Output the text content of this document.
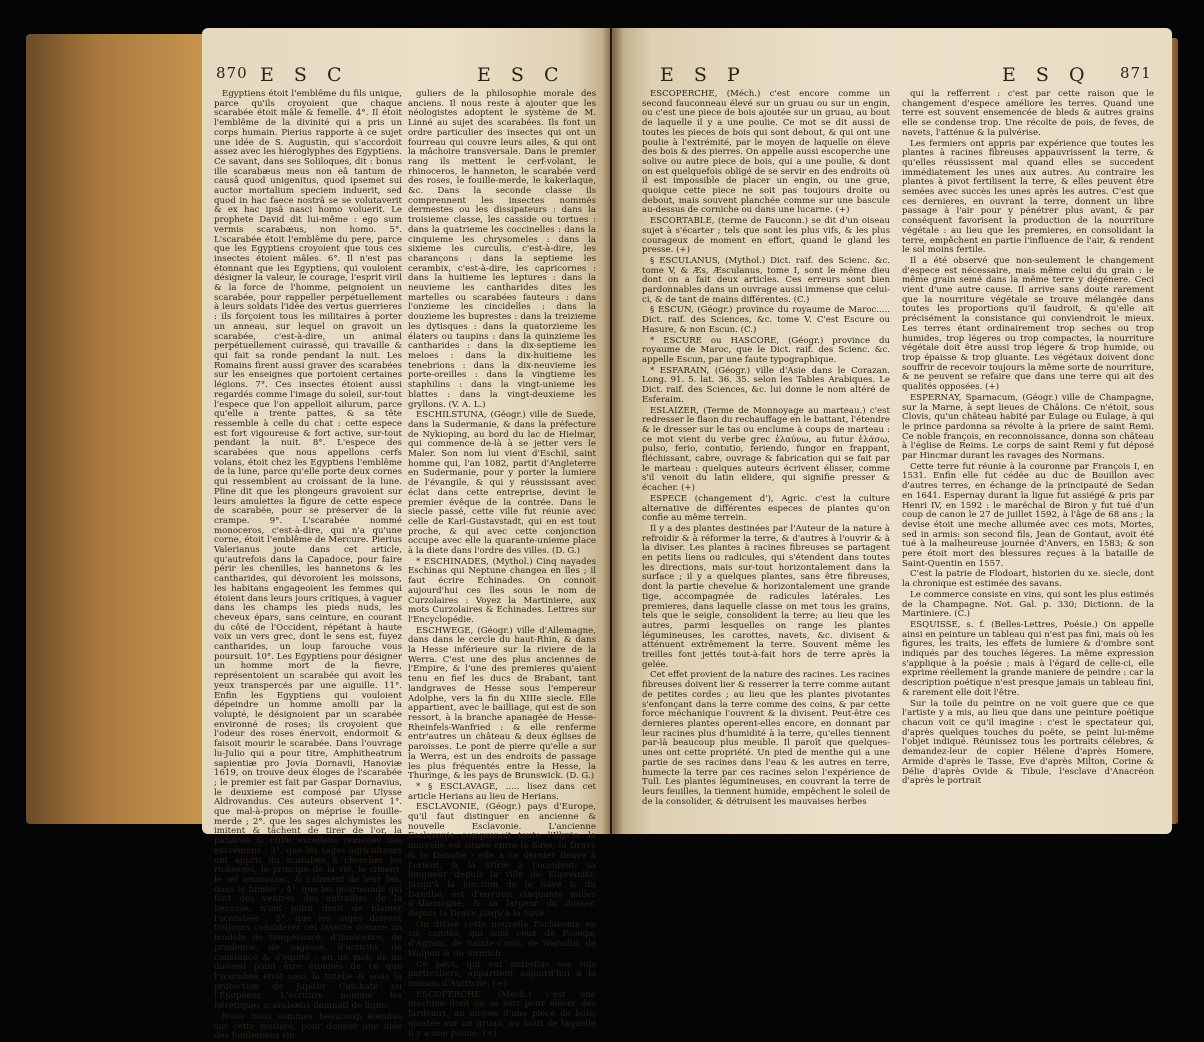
870 E S C	E S C

Egyptiens étoit l'emblême du fils unique, parce qu'ils croyoient que chaque scarabée étoit mâle & femelle. 4°. Il étoit l'emblême de la divinité qui a pris un corps humain. Pierius rapporte à ce sujet une idée de S. Augustin, qui s'accordoit assez avec les hiéroglyphes des Egyptiens. Ce savant, dans ses Soliloques, dit : bonus ille scarabæus meus non eâ tantum de causâ quod unigenitus, quod ipsemet sui auctor mortalium speciem induerit, sed quod in hac faece nostrâ se se volutaverit & ex hac ipsâ nasci homo voluerit. Le prophete David dit lui-même : ego sum vermis scarabæus, non homo. 5°. L'scarabée étoit l'emblême du pere, parce que les Egyptiens croyoient que tous ces insectes étoient mâles. 6°. Il n'est pas étonnant que les Egyptiens, qui vouloient désigner la valeur, le courage, l'esprit viril & la force de l'homme, peignoient un scarabée, pour rappeller perpétuellement à leurs soldats l'idée des vertus guerrieres : ils forçoient tous les militaires à porter un anneau, sur lequel on gravoit un scarabée, c'est-à-dire, un animal perpétuellement cuirassé, qui travaille & qui fait sa ronde pendant la nuit. Les Romains firent aussi graver des scarabées sur les enseignes que portoient certaines légions. 7°. Ces insectes étoient aussi regardés comme l'image du soleil, sur-tout l'espece que l'on appelloit ailurum, parce qu'elle a trente pattes, & sa tête ressemble à celle du chat : cette espece est fort vigoureuse & fort active, sur-tout pendant la nuit. 8°. L'espece des scarabées que nous appellons cerfs volans, étoit chez les Egyptiens l'emblême de la lune, parce qu'elle porte deux cornes qui ressemblent au croissant de la lune. Pline dit que les plongeurs gravoient sur leurs amulettes la figure de cette espece de scarabée, pour se préserver de la crampe. 9°. L'scarabée nommé monoceros, c'est-à-dire, qui n'a qu'une corne, étoit l'emblême de Mercure. Pierius Valerianus joute dans cet article, qu'autrefois dans la Capadoce, pour faire périr les chenilles, les hannetons & les cantharides, qui dévoroient les moissons, les habitans engageoient les femmes qui étoient dans leurs jours critiques, à vaguer dans les champs les pieds nuds, les cheveux épars, sans ceinture, en courant du côté de l'Occident, répétant à haute voix un vers grec, dont le sens est, fuyez cantharides, un loup farouche vous poursuit. 10°. Les Egyptiens pour désigner un homme mort de la fievre, représentoient un scarabée qui avoit les yeux transpercés par une aiguille. 11°. Enfin les Egyptiens qui vouloient dépeindre un homme amolli par la volupté, le désignoient par un scarabée environné de roses; ils croyoient que l'odeur des roses énervoit, endormoit & faisoit mourir le scarabée. Dans l'ouvrage lu-Julio qui a pour titre, Amphitheatrum sapientiæ pro Jovia Dornavii, Hanoviæ 1619, on trouve deux éloges de l'scarabée ; le premier est fait par Gaspar Dornavius, le deuxieme est composé par Ulysse Aldrovandus. Ces auteurs observent 1°. que mal-à-propos on méprise le fouille-merde ; 2°. que les sages alchymistes les imitent & tâchent de tirer de l'or, la panacée & mille excellens remedes des excrémens ; 3°. que les sages agriculteurs ont appris du scarabée à chercher les richesses, le principe de la vie, le ciment, le sel ammoniac, & l'aliment de leur fen, dans le fumier ; 4°. que les gourmands qui font des ventres des entrailles de la bécasse, n'ont point droit de blamer l'scarabée ; 5°. que les sages doivent toujours considérer cet insecte comme un modele de tempérance, d'innocence, de prudence, de sagesse, d'activité, de constance & d'équité : en un mot, ils ne doivent point être étonnés de ce que l'scarabée étoit sous la tutelle & sous la protection de Jupiter Catchate ou l'Epopéeur. L'écriture nomme les hérétiques scarabæus damnati de ligno.

Nous nous sommes beaucoup étendus sur cette matiere, pour donner une idée des fondemens sin-

guliers de la philosophie morale des anciens. Il nous reste à ajouter que les néologistes adoptent le système de M. Linné au sujet des scarabées. Ils font un ordre particulier des insectes qui ont un fourreau qui couvre leurs ailes, & qui ont la mâchoire transversale. Dans le premier rang ils mettent le cerf-volant, le rhinoceros, le hanneton, le scarabée verd des roses, le fouille-merde, le kakerlaque, &c. Dans la seconde classe ils comprennent les insectes nommés dermestes ou les dissipateurs : dans la troisieme classe, les casside ou tortues : dans la quatrieme les coccinelles : dans la cinquieme les chrysomeles : dans la sixieme les curculis, c'est-à-dire, les charançons : dans la septieme les cerambix, c'est-à-dire, les capricornes : dans la huitieme les leptures : dans la neuvieme les cantharides dites les martelles ou scarabées fauteurs : dans l'onzieme les cincidelles : dans la douzieme les buprestes : dans la treizieme les dytisques : dans la quatorzieme les élaters ou taupins : dans la quinzieme les cantharides : dans la dix-septieme les meloes : dans la dix-huitieme les tenebrions : dans la dix-neuvieme les porte-oreilles : dans la vingtieme les staphilins : dans la vingt-unieme les blattes : dans la vingt-deuxieme les gryllons. (V. A. L.)

ESCHILSTUNA, (Géogr.) ville de Suede, dans la Sudermanie, & dans la préfecture de Nykioping, au bord du lac de Hielmar, qui commence de-là à se jetter vers le Maler. Son nom lui vient d'Eschil, saint homme qui, l'an 1082, partit d'Angleterre en Sudermanie, pour y porter la lumiere de l'évangile, & qui y réussissant avec éclat dans cette entreprise, devint le premier évêque de la contrée. Dans le siecle passé, cette ville fut réunie avec celle de Karl-Gustavstadt, qui en est tout proche, & qui avec cette conjonction occupe avec elle la quarante-unieme place à la diete dans l'ordre des villes. (D. G.)

* ESCHINADES, (Mythol.) Cinq nayades Eschinas qui Neptune changea en îles ; il faut écrire Echinades. On connoit aujourd'hui ces îles sous le nom de Curzolaires : Voyez la Martiniere, aux mots Curzolaires & Echinades. Lettres sur l'Encyclopédie.

ESCHWEGE, (Géogr.) ville d'Allemagne, dans dans le cercle du haut-Rhin, & dans la Hesse inférieure sur la riviere de la Werra. C'est une des plus anciennes de l'Empire, & l'une des premieres qu'aient tenu en fief les ducs de Brabant, tant landgraves de Hesse sous l'empereur Adolphe, vers la fin du XIIIe siecle. Elle appartient, avec le bailliage, qui est de son ressort, à la branche apanagée de Hesse-Rheinfels-Wanfried : & elle renferme entr'autres un château & deux églises de paroisses. Le pont de pierre qu'elle a sur la Werra, est un des endroits de passage les plus fréquentés entre la Hesse, la Thuringe, & les pays de Brunswick. (D. G.)

* § ESCLAVAGE, ..... lisez dans cet article Herians au lieu de Herians.

ESCLAVONIE, (Géogr.) pays d'Europe, qu'il faut distinguer en ancienne & nouvelle Esclavonie. L'ancienne Esclavonie comprenoit toute l'Illyrie: la nouvelle est située entre la Save, la Drave & le Danube : elle a ce dernier fleuve à l'orient, & la Stirie à l'occident: sa longueur depuis la ville de Kopreinitz, jusqu'à la jonction de la Save & du Danube, est d'environ cinquante milles d'Allemagne, & sa largeur du dosser, depuis la Drave jusqu'à la Save.

On divise cette nouvelle Esclavonie en six comtés, qui sont ceux de Posega, d'Agram, de Sainte-Croix, de Waradin, de Walpon & de Sirmich.

Ce pays, qui eut autrefois ses rois particuliers, appartient aujourd'hui à la maison d'Autriche. (+)

ESCOPERCHE, (Méch.) c'est une machine dont on se sert pour élever des fardeaux, au moyen d'une piece de bois, ajoutée sur un gruau, au bout de laquelle il y a une poulie. (+)

E S P	E S Q 871

ESCOPERCHE, (Méch.) c'est encore comme un second fauconneau élevé sur un gruau ou sur un engin, ou c'est une piece de bois ajoutée sur un gruau, au bout de laquelle il y a une poulie. Ce mot se dit aussi de toutes les pieces de bois qui sont debout, & qui ont une poulie à l'extrémité, par le moyen de laquelle on éleve des bois & des pierres. On appelle aussi escoperche une solive ou autre piece de bois, qui a une poulie, & dont on est quelquefois obligé de se servir en des endroits où il est impossible de placer un engin, ou une grue, quoique cette piece ne soit pas toujours droite ou debout, mais souvent planchée comme sur une bascule au-dessus de corniche ou dans une lucarne. (+)

ESCORTABLE, (terme de Fauconn.) se dit d'un oiseau sujet à s'écarter ; tels que sont les plus vifs, & les plus courageux de moment en effort, quand le gland les presse. (+)

§ ESCULANUS, (Mythol.) Dict. raif. des Scienc. &c. tome V, & Æs, Æsculanus, tome I, sont le même dieu dont on a fait deux articles. Ces erreurs sont bien pardonnables dans un ouvrage aussi immense que celui-ci, & de tant de mains différentes. (C.)

§ ESCUN, (Géogr.) province du royaume de Maroc..... Dict. raif. des Sciences, &c. tome V. C'est Escure ou Hasure, & non Escun. (C.)

* ESCURE ou HASCORE, (Géogr.) province du royaume de Maroc, que le Dict. raif. des Scienc. &c. appelle Escun, par une faute typographique.

* ESFARAIN, (Géogr.) ville d'Asie dans le Corazan. Long. 91. 5. lat. 36. 35. selon les Tables Arabiques. Le Dict. raif. des Sciences, &c. lui donne le nom altéré de Esferaim.

ESLAIZER, (Terme de Monnoyage au marteau.) c'est redresser le flaon du rechauffage en le battant, l'étendre & le dresser sur le tas ou enclume à coups de marteau : ce mot vient du verbe grec ἐλαύνω, au futur ἐλάσω, pulso, ferio, contutio, feriendo, fungor en frappant, fléchissant, cabre, ouvrage & fabrication qui se fait par le marteau : quelques auteurs écrivent élisser, comme s'il venoit du latin elidere, qui signifie presser & écacher. (+)

ESPECE (changement d'), Agric. c'est la culture alternative de différentes especes de plantes qu'on confie au même terrein.

Il y a des plantes destinées par l'Auteur de la nature à refroidir & à réformer la terre, & d'autres à l'ouvrir & à la diviser. Les plantes à racines fibreuses se partagent en petits liens ou radicules, qui s'étendent dans toutes les directions, mais sur-tout horizontalement dans la surface ; il y a quelques plantes, sans être fibreuses, dont la partie chevelue & horizontalement une grande tige, accompagnée de radicules latérales. Les premieres, dans laquelle classe on met tous les grains, tels que le seigle, consolident la terre; au lieu que les autres, parmi lesquelles on range les plantes légumineuses, les carottes, navets, &c. divisent & atténuent extrêmement la terre. Souvent même les treilles font jettés tout-à-fait hors de terre après la gelée.

Cet effet provient de la nature des racines. Les racines fibreuses doivent lier & resserrer la terre comme autant de petites cordes ; au lieu que les plantes pivotantes s'enfonçant dans la terre comme des coins, & par cette force méchanique l'ouvrent & la divisent. Peut-être ces dernieres plantes operent-elles encore, en donnant par leur racines plus d'humidité à la terre, qu'elles tiennent par-là beaucoup plus meuble. Il paroît que quelques-unes ont cette propriété. Un pied de menthe qui a une partie de ses racines dans l'eau & les autres en terre, humecte la terre par ces racines selon l'expérience de Tull. Les plantes légumineuses, en couvrant la terre de leurs feuilles, la tiennent humide, empêchent le soleil de de la consolider, & détruisent les mauvaises herbes

qui la refferrent : c'est par cette raison que le changement d'espece améliore les terres. Quand une terre est souvent ensemencée de bleds & autres grains elle se condense trop. Une récolte de pois, de feves, de navets, l'atténue & la pulvérise.

Les fermiers ont appris par expérience que toutes les plantes à racines fibreuses appauvrissent la terre, & qu'elles réussissent mal quand elles se succedent immédiatement les unes aux autres. Au contraire les plantes à pivot fertilisent la terre, & elles peuvent être semées avec succès les unes après les autres. C'est que ces dernieres, en ouvrant la terre, donnent un libre passage à l'air pour y pénétrer plus avant, & par conséquent favorisent la production de la nourriture végétale : au lieu que les premieres, en consolidant la terre, empêchent en partie l'influence de l'air, & rendent le sol moins fertile.

Il a été observé que non-seulement le changement d'espece est nécessaire, mais même celui du grain : le même grain semé dans la même terre y dégénere. Ceci vient d'une autre cause. Il arrive sans doute rarement que la nourriture végétale se trouve mélangée dans toutes les proportions qu'il faudroit, & qu'elle ait précisément la consistance qui conviendroit le mieux. Les terres étant ordinairement trop seches ou trop humides, trop légeres ou trop compactes, la nourriture végétale doit être aussi trop légere & trop humide, ou trop épaisse & trop gluante. Les végétaux doivent donc souffrir de recevoir toujours la même sorte de nourriture, & ne peuvent se refaire que dans une terre qui ait des qualités opposées. (+)

ESPERNAY, Sparnacum, (Géogr.) ville de Champagne, sur la Marne, à sept lieues de Châlons. Ce n'étoit, sous Clovis, qu'un château habité par Eulage ou Eulage, à qui le prince pardonna sa révolte à la priere de saint Remi. Ce noble françois, en reconnoissance, donna son château à l'église de Reims. Le corps de saint Remi y fut déposé par Hincmar durant les ravages des Normans.

Cette terre fut réunie à la couronne par François I, en 1531. Enfin elle fut cédée au duc de Bouillon avec d'autres terres, en échange de la principauté de Sedan en 1641. Espernay durant la ligue fut assiégé & pris par Henri IV, en 1592 : le maréchal de Biron y fut tué d'un coup de canon le 27 de juillet 1592, à l'âge de 68 ans ; la devise étoit une meche allumée avec ces mots, Mortes, sed in armis: son second fils, Jean de Gontaut, avoit été tué à la malheureuse journée d'Anvers, en 1583; & son pere étoit mort des blessures reçues à la bataille de Saint-Quentin en 1557.

C'est la patrie de Flodoart, historien du xe. siecle, dont la chronique est estimée des savans.

Le commerce consiste en vins, qui sont les plus estimés de la Champagne. Not. Gal. p. 330; Dictionn. de la Martiniere. (C.)

ESQUISSE, s. f. (Belles-Lettres, Poésie.) On appelle ainsi en peinture un tableau qui n'est pas fini, mais où les figures, les traits, les effets de lumiere & d'ombre sont indiqués par des touches légeres. La même expression s'applique à la poésie ; mais à l'égard de celle-ci, elle exprime réellement la grande maniere de peindre : car la description poétique n'est presque jamais un tableau fini, & rarement elle doit l'être.

Sur la toile du peintre on ne voit guere que ce que l'artiste y a mis, au lieu que dans une peinture poétique chacun voit ce qu'il imagine : c'est le spectateur qui, d'après quelques touches du poëte, se peint lui-même l'objet indiqué. Réunissez tous les portraits célebres, & demandez-leur de copier Hélene d'après Homere, Armide d'après le Tasse, Eve d'après Milton, Corine & Délie d'après Ovide & Tibule, l'esclave d'Anacréon d'après le portrait
